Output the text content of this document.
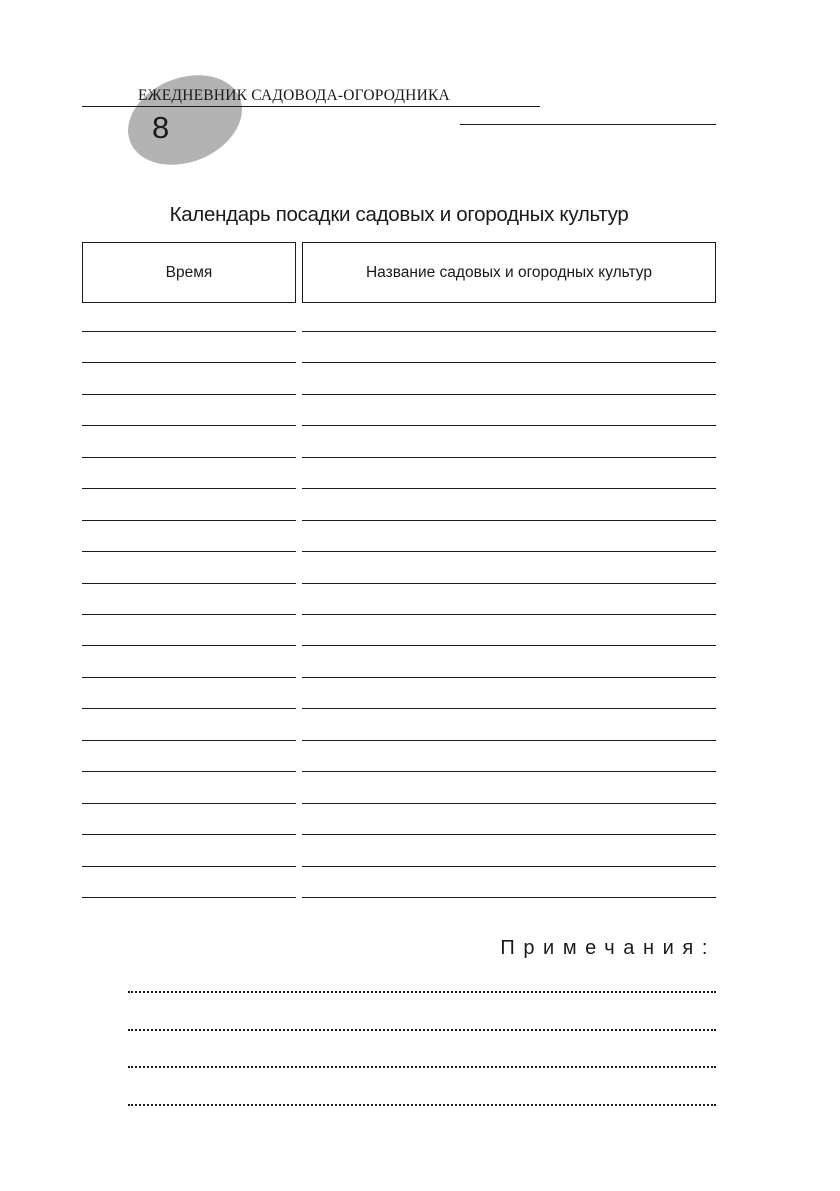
8
ЕЖЕДНЕВНИК САДОВОДА-ОГОРОДНИКА
Календарь посадки садовых и огородных культур
Время	Название садовых и огородных культур
Примечания:
